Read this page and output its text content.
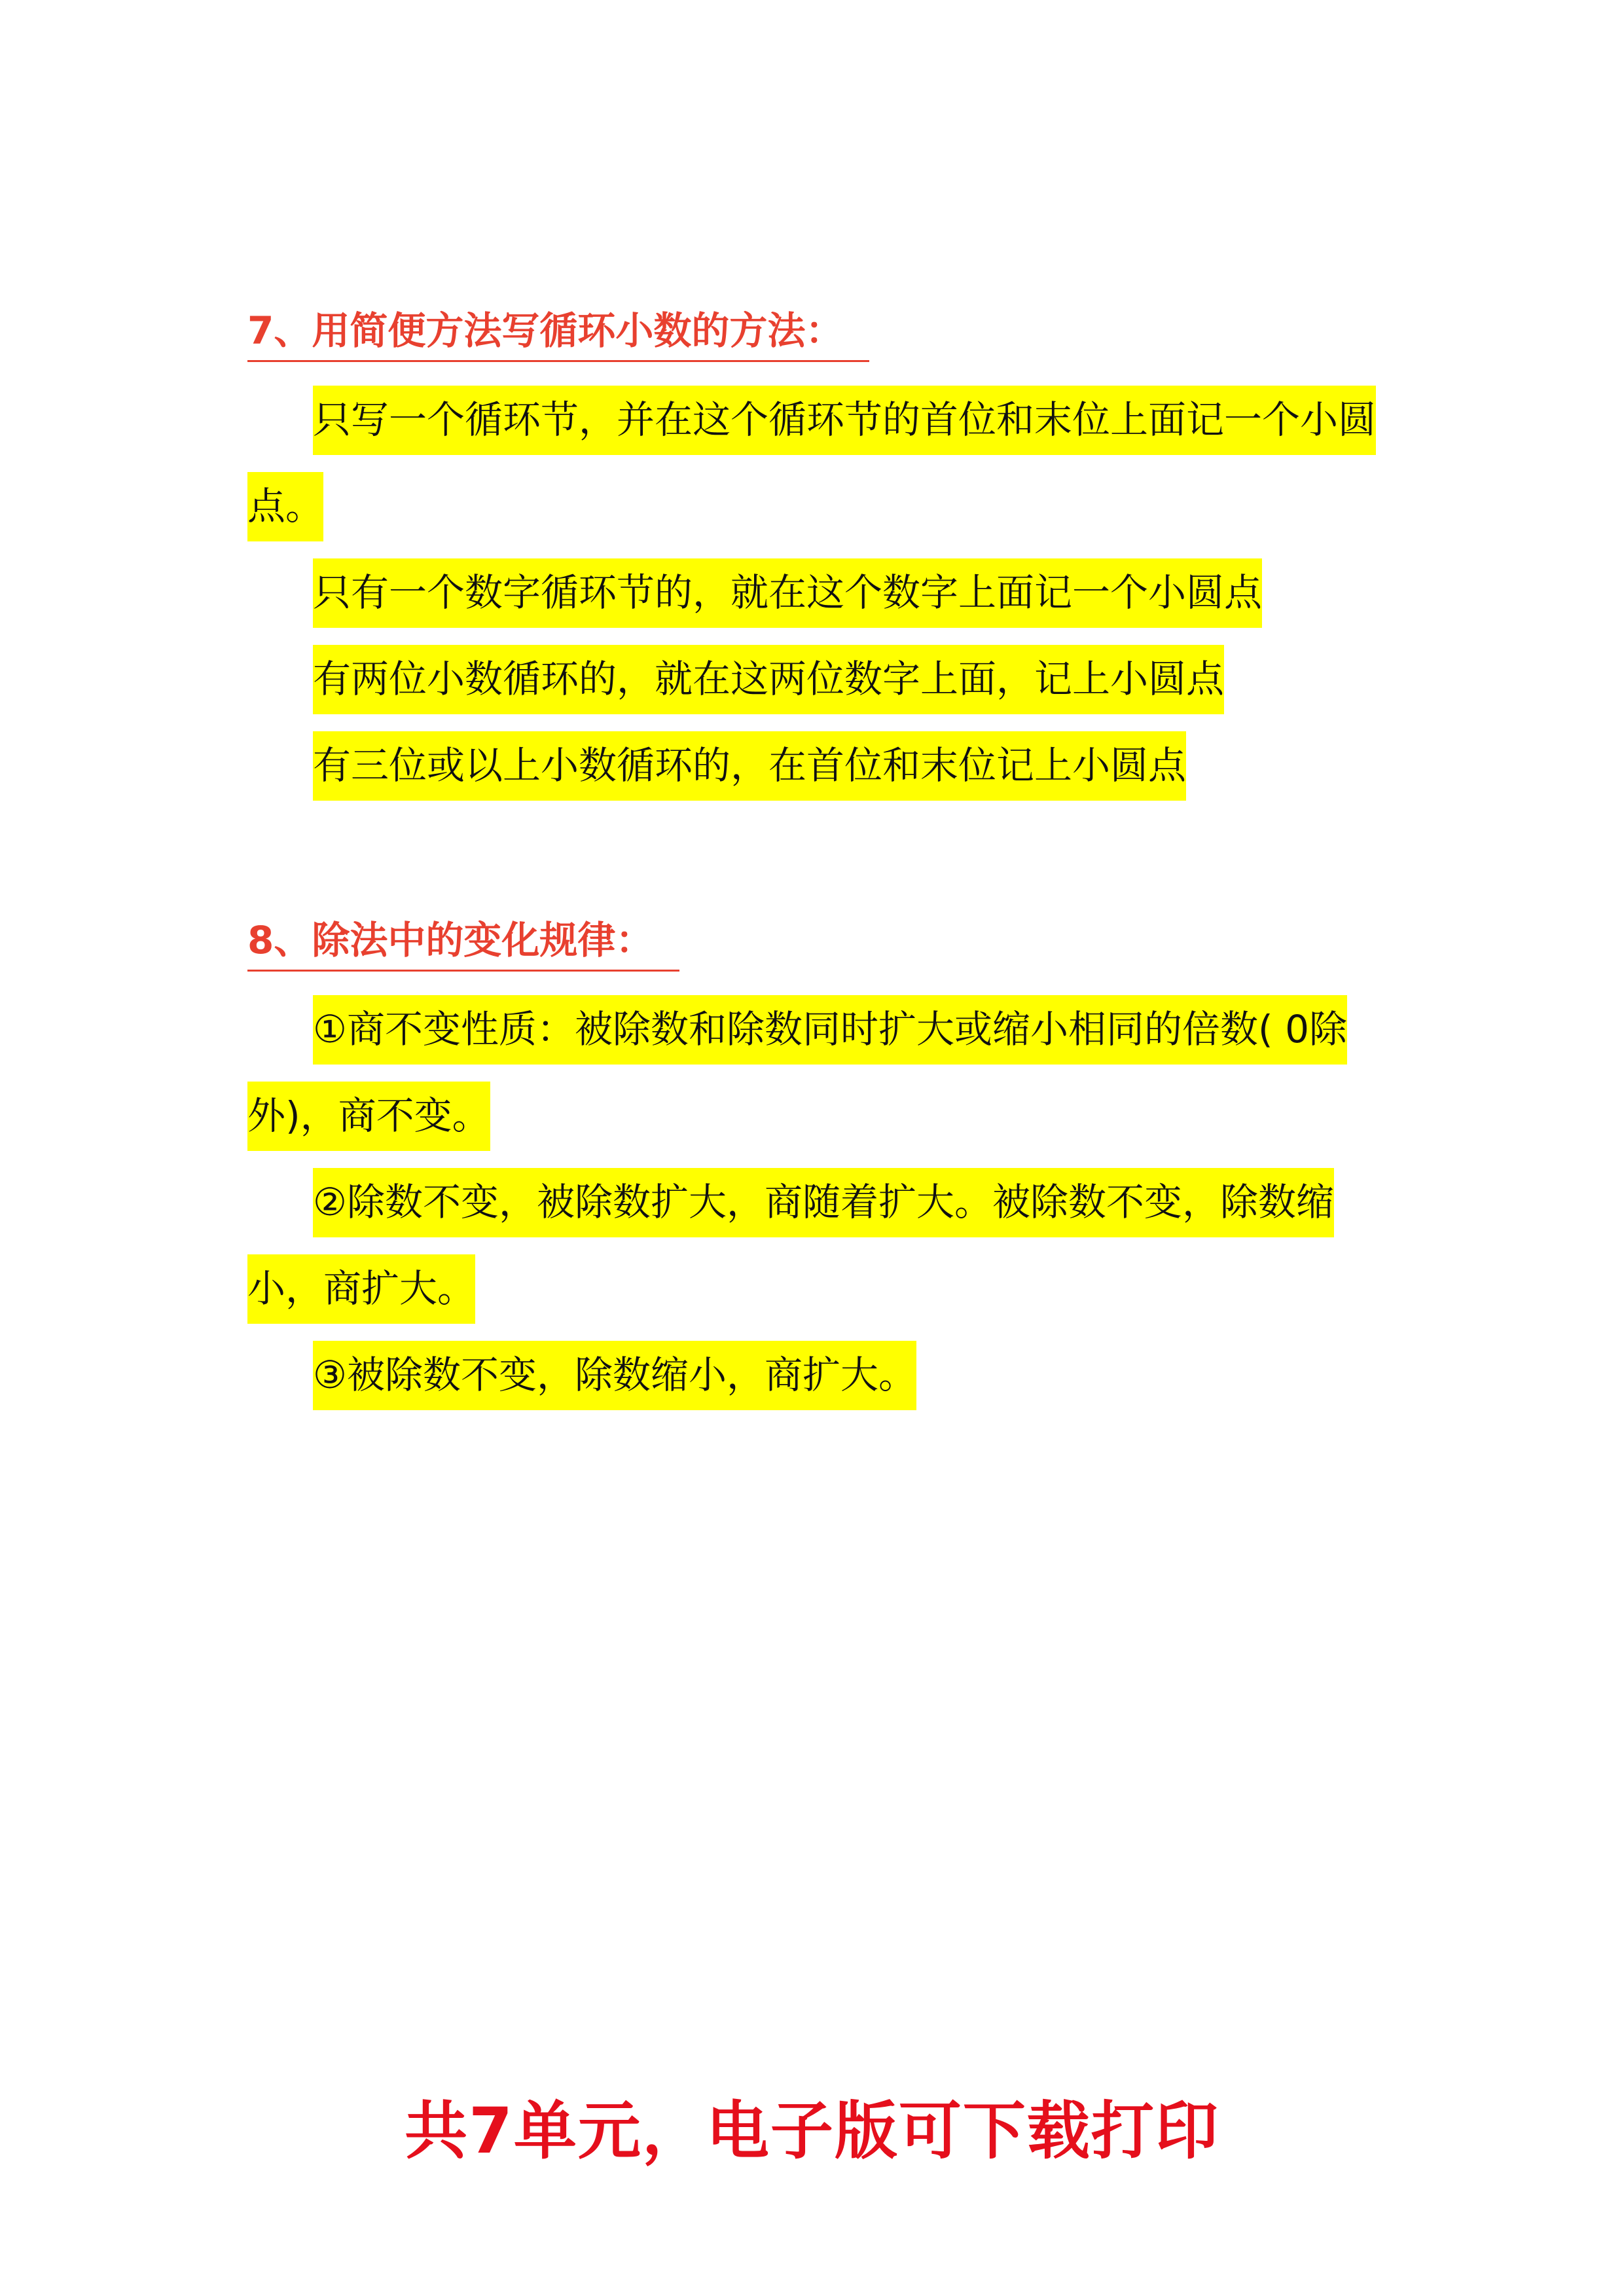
7、用简便方法写循环小数的方法：

只写一个循环节，并在这个循环节的首位和末位上面记一个小圆点。

只有一个数字循环节的，就在这个数字上面记一个小圆点

有两位小数循环的，就在这两位数字上面，记上小圆点

有三位或以上小数循环的，在首位和末位记上小圆点

8、除法中的变化规律：

①商不变性质：被除数和除数同时扩大或缩小相同的倍数( 0除外)，商不变。

②除数不变，被除数扩大，商随着扩大。被除数不变，除数缩小，商扩大。

③被除数不变，除数缩小，商扩大。

共7单元，电子版可下载打印
